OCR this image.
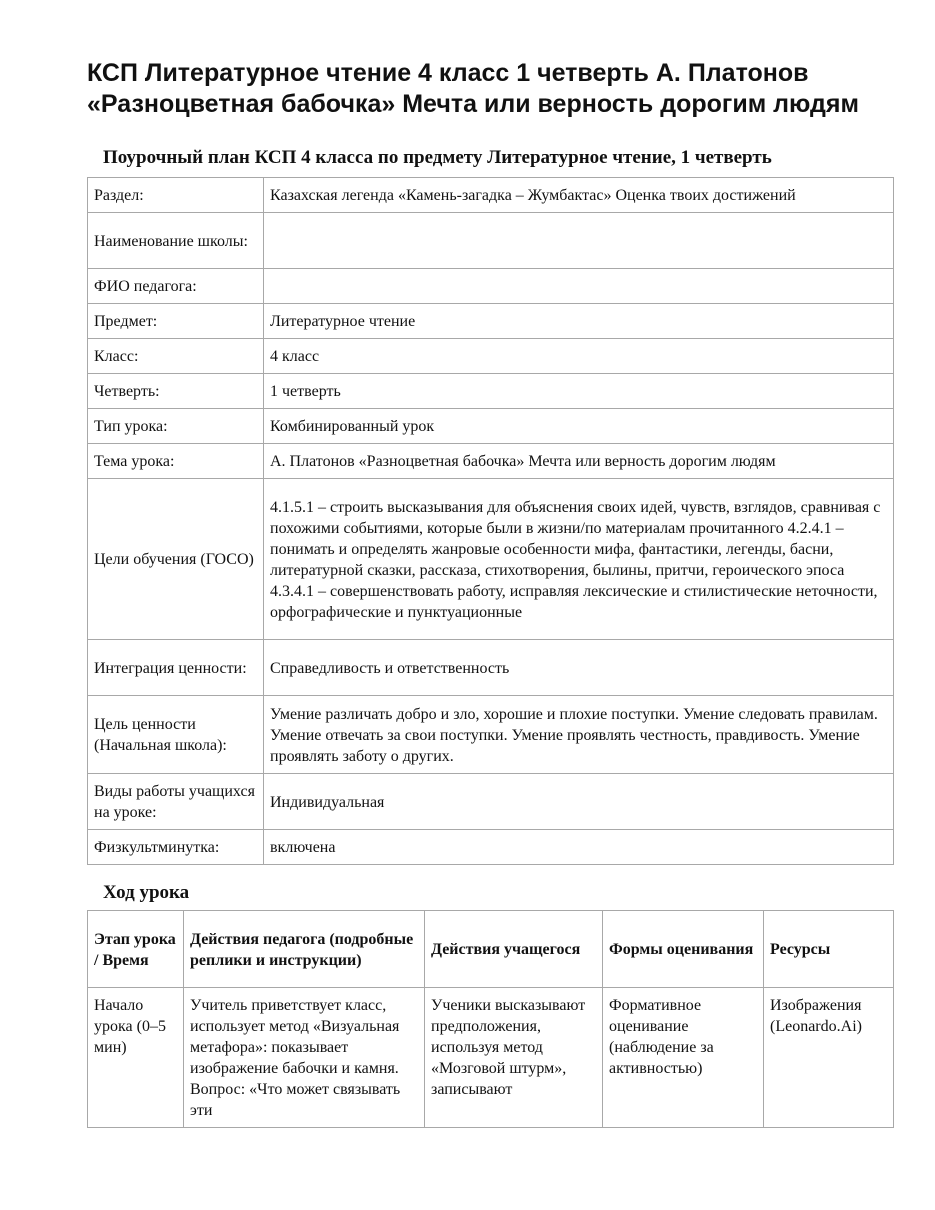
КСП Литературное чтение 4 класс 1 четверть А. Платонов «Разноцветная бабочка» Мечта или верность дорогим людям
Поурочный план КСП 4 класса по предмету Литературное чтение, 1 четверть
Раздел:	Казахская легенда «Камень-загадка – Жумбактас» Оценка твоих достижений
Наименование школы:	
ФИО педагога:	
Предмет:	Литературное чтение
Класс:	4 класс
Четверть:	1 четверть
Тип урока:	Комбинированный урок
Тема урока:	А. Платонов «Разноцветная бабочка» Мечта или верность дорогим людям
Цели обучения (ГОСО)	4.1.5.1 – строить высказывания для объяснения своих идей, чувств, взглядов, сравнивая с похожими событиями, которые были в жизни/по материалам прочитанного 4.2.4.1 – понимать и определять жанровые особенности мифа, фантастики, легенды, басни, литературной сказки, рассказа, стихотворения, былины, притчи, героического эпоса 4.3.4.1 – совершенствовать работу, исправляя лексические и стилистические неточности, орфографические и пунктуационные
Интеграция ценности:	Справедливость и ответственность
Цель ценности (Начальная школа):	Умение различать добро и зло, хорошие и плохие поступки. Умение следовать правилам. Умение отвечать за свои поступки. Умение проявлять честность, правдивость. Умение проявлять заботу о других.
Виды работы учащихся на уроке:	Индивидуальная
Физкультминутка:	включена
Ход урока
Этап урока / Время	Действия педагога (подробные реплики и инструкции)	Действия учащегося	Формы оценивания	Ресурсы

Начало урока (0–5 мин)	Учитель приветствует класс, использует метод «Визуальная метафора»: показывает изображение бабочки и камня. Вопрос: «Что может связывать эти	Ученики высказывают предположения, используя метод «Мозговой штурм», записывают	Формативное оценивание (наблюдение за активностью)	Изображения (Leonardo.Ai)
